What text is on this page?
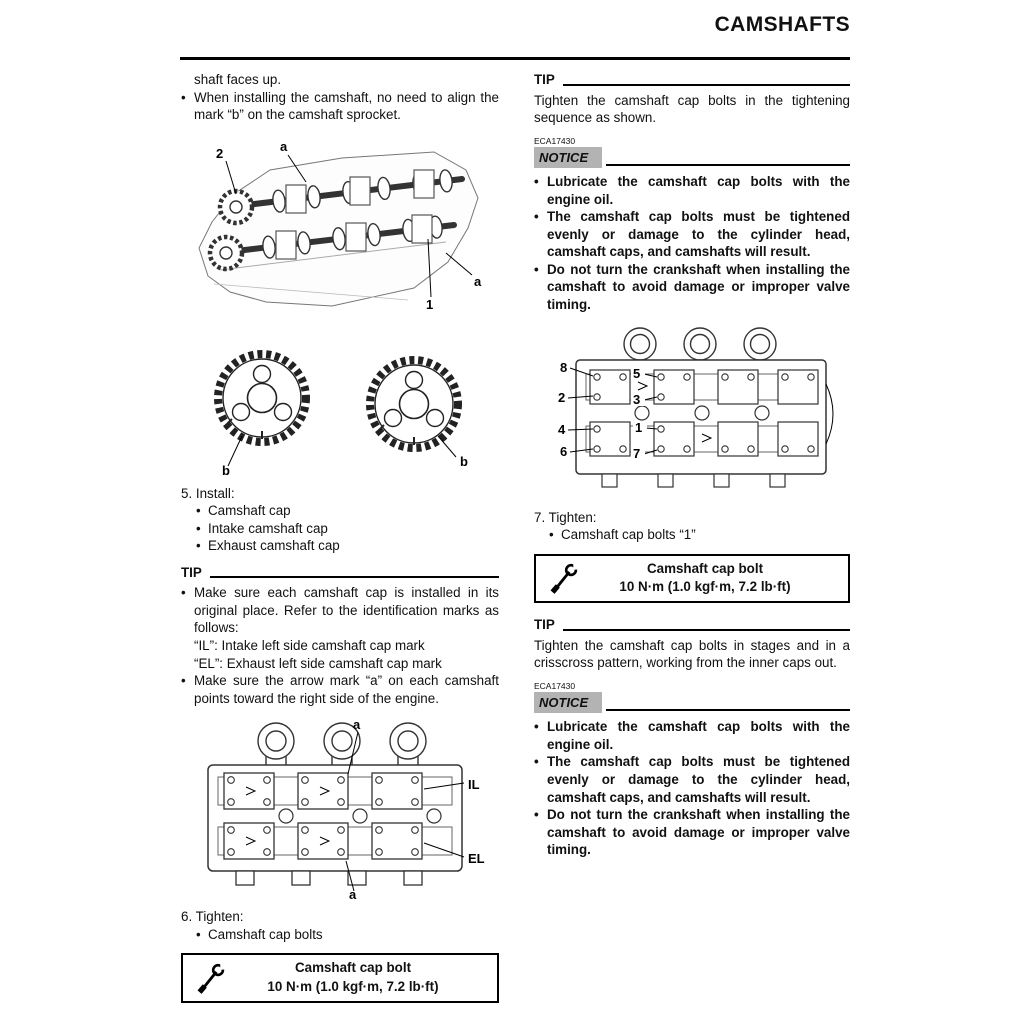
CAMSHAFTS
shaft faces up.
• When installing the camshaft, no need to align the mark “b” on the camshaft sprocket.
2	a
a
1
b
b
5. Install:
• Camshaft cap
• Intake camshaft cap
• Exhaust camshaft cap
TIP
• Make sure each camshaft cap is installed in its original place. Refer to the identification marks as follows:
“IL”: Intake left side camshaft cap mark
“EL”: Exhaust left side camshaft cap mark
• Make sure the arrow mark “a” on each camshaft points toward the right side of the engine.
a
IL
EL
a
6. Tighten:
• Camshaft cap bolts
Camshaft cap bolt
10 N·m (1.0 kgf·m, 7.2 lb·ft)
TIP
Tighten the camshaft cap bolts in the tightening sequence as shown.
ECA17430
NOTICE
• Lubricate the camshaft cap bolts with the engine oil.
• The camshaft cap bolts must be tightened evenly or damage to the cylinder head, camshaft caps, and camshafts will result.
• Do not turn the crankshaft when installing the camshaft to avoid damage or improper valve timing.
8
2
4
6
5
3
1
7
7. Tighten:
• Camshaft cap bolts “1”
Camshaft cap bolt
10 N·m (1.0 kgf·m, 7.2 lb·ft)
TIP
Tighten the camshaft cap bolts in stages and in a crisscross pattern, working from the inner caps out.
ECA17430
NOTICE
• Lubricate the camshaft cap bolts with the engine oil.
• The camshaft cap bolts must be tightened evenly or damage to the cylinder head, camshaft caps, and camshafts will result.
• Do not turn the crankshaft when installing the camshaft to avoid damage or improper valve timing.
